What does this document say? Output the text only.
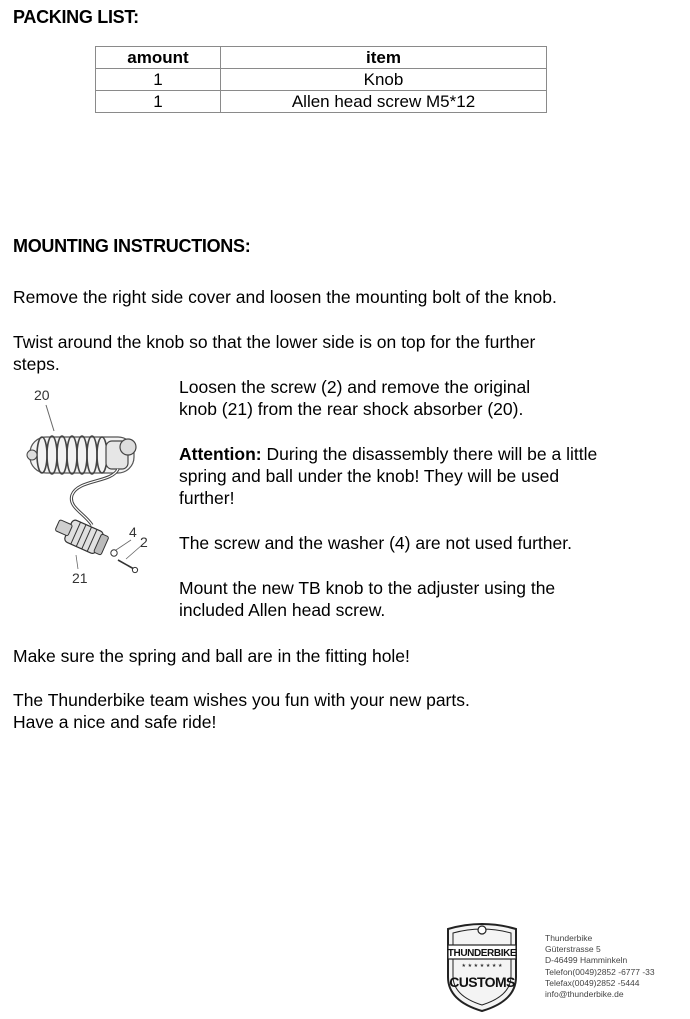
PACKING LIST:
amount	item
1	Knob
1	Allen head screw M5*12
MOUNTING INSTRUCTIONS:

Remove the right side cover and loosen the mounting bolt of the knob.

Twist around the knob so that the lower side is on top for the further
steps.
20
4
2
21
Loosen the screw (2) and remove the original
knob (21) from the rear shock absorber (20).
Attention: During the disassembly there will be a little
spring and ball under the knob! They will be used
further!

The screw and the washer (4) are not used further.

Mount the new TB knob to the adjuster using the
included Allen head screw.

Make sure the spring and ball are in the fitting hole!

The Thunderbike team wishes you fun with your new parts.
Have a nice and safe ride!
THUNDERBIKE
★ ★ ★ ★ ★ ★ ★
CUSTOMS
Thunderbike
Güterstrasse 5
D-46499 Hamminkeln
Telefon(0049)2852 -6777 -33
Telefax(0049)2852 -5444
info@thunderbike.de
